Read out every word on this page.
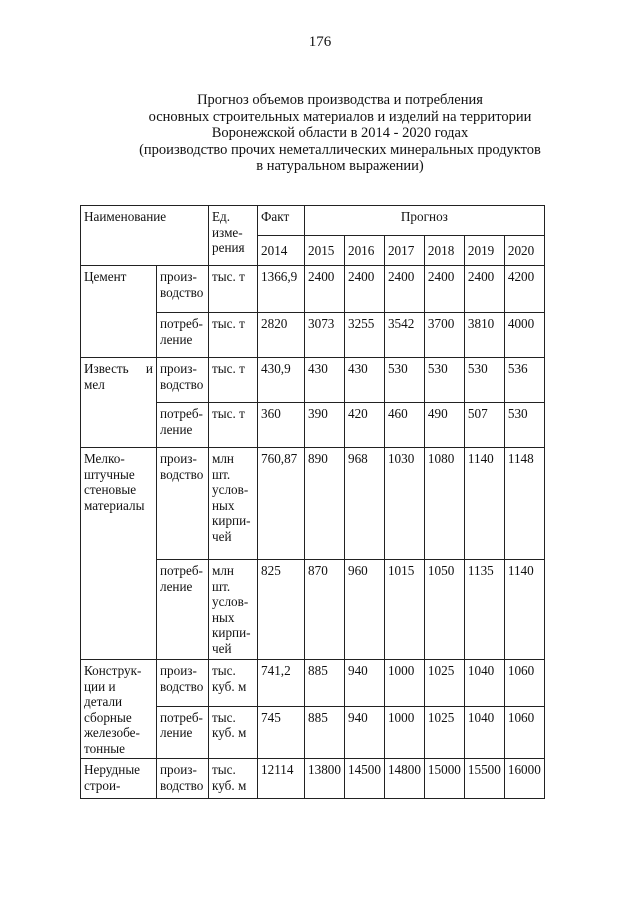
176
Прогноз объемов производства и потребления
основных строительных материалов и изделий на территории
Воронежской области в 2014 - 2020 годах
(производство прочих неметаллических минеральных продуктов
в натуральном выражении)
Наименование		Ед. изме-рения	Факт	Прогноз					
			2014	2015	2016	2017	2018	2019	2020
Цемент	произ-водство	тыс. т	1366,9	2400	2400	2400	2400	2400	4200
	потреб-ление	тыс. т	2820	3073	3255	3542	3700	3810	4000
Известь и мел	произ-водство	тыс. т	430,9	430	430	530	530	530	536
	потреб-ление	тыс. т	360	390	420	460	490	507	530
Мелко-штучные стеновые материалы	произ-водство	млн шт. услов-ных кирпи-чей	760,87	890	968	1030	1080	1140	1148
	потреб-ление	млн шт. услов-ных кирпи-чей	825	870	960	1015	1050	1135	1140
Конструк-ции и детали сборные железобе-тонные	произ-водство	тыс. куб. м	741,2	885	940	1000	1025	1040	1060
	потреб-ление	тыс. куб. м	745	885	940	1000	1025	1040	1060
Нерудные строи-	произ-водство	тыс. куб. м	12114	13800	14500	14800	15000	15500	16000
